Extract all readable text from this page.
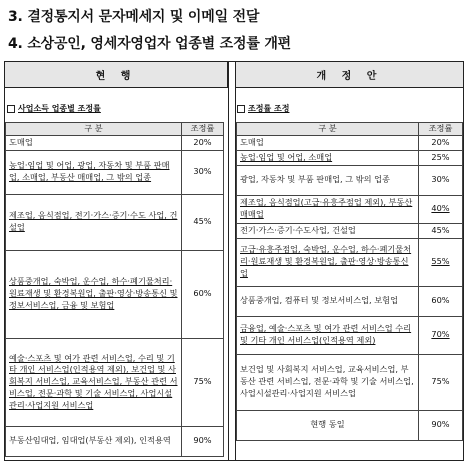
3. 결정통지서 문자메세지 및 이메일 전달
4. 소상공인, 영세자영업자 업종별 조정률 개편
현 행	개 정 안
사업소득 업종별 조정률	조정률 조정
구 분	조정률
도매업	20%
농업·임업 및 어업, 광업, 자동차 및 부품 판매업, 소매업, 부동산 매매업, 그 밖의 업종	30%
제조업, 음식점업, 전기·가스·증기·수도 사업, 건설업	45%
상품중개업, 숙박업, 운수업, 하수·폐기물처리·원료재생 및 환경복원업, 출판·영상·방송통신 및 정보서비스업, 금융 및 보험업	60%
예술·스포츠 및 여가 관련 서비스업, 수리 및 기타 개인 서비스업(인적용역 제외), 보건업 및 사회복지 서비스업, 교육서비스업, 부동산 관련 서비스업, 전문·과학 및 기술 서비스업, 사업시설관리·사업지원 서비스업	75%
부동산임대업, 임대업(부동산 제외), 인적용역	90%
구 분	조정률
도매업	20%
농업·임업 및 어업, 소매업	25%
광업, 자동차 및 부품 판매업, 그 밖의 업종	30%
제조업, 음식점업(고급·유흥주점업 제외), 부동산매매업	40%
전기·가스·증기·수도사업, 건설업	45%
고급·유흥주점업, 숙박업, 운수업, 하수·폐기물처리·원료재생 및 환경복원업, 출판·영상·방송통신업	55%
상품중개업, 컴퓨터 및 정보서비스업, 보험업	60%
금융업, 예술·스포츠 및 여가 관련 서비스업 수리 및 기타 개인 서비스업(인적용역 제외)	70%
보건업 및 사회복지 서비스업, 교육서비스업, 부동산 관련 서비스업, 전문·과학 및 기술 서비스업, 사업시설관리·사업지원 서비스업	75%
현행 동일	90%
